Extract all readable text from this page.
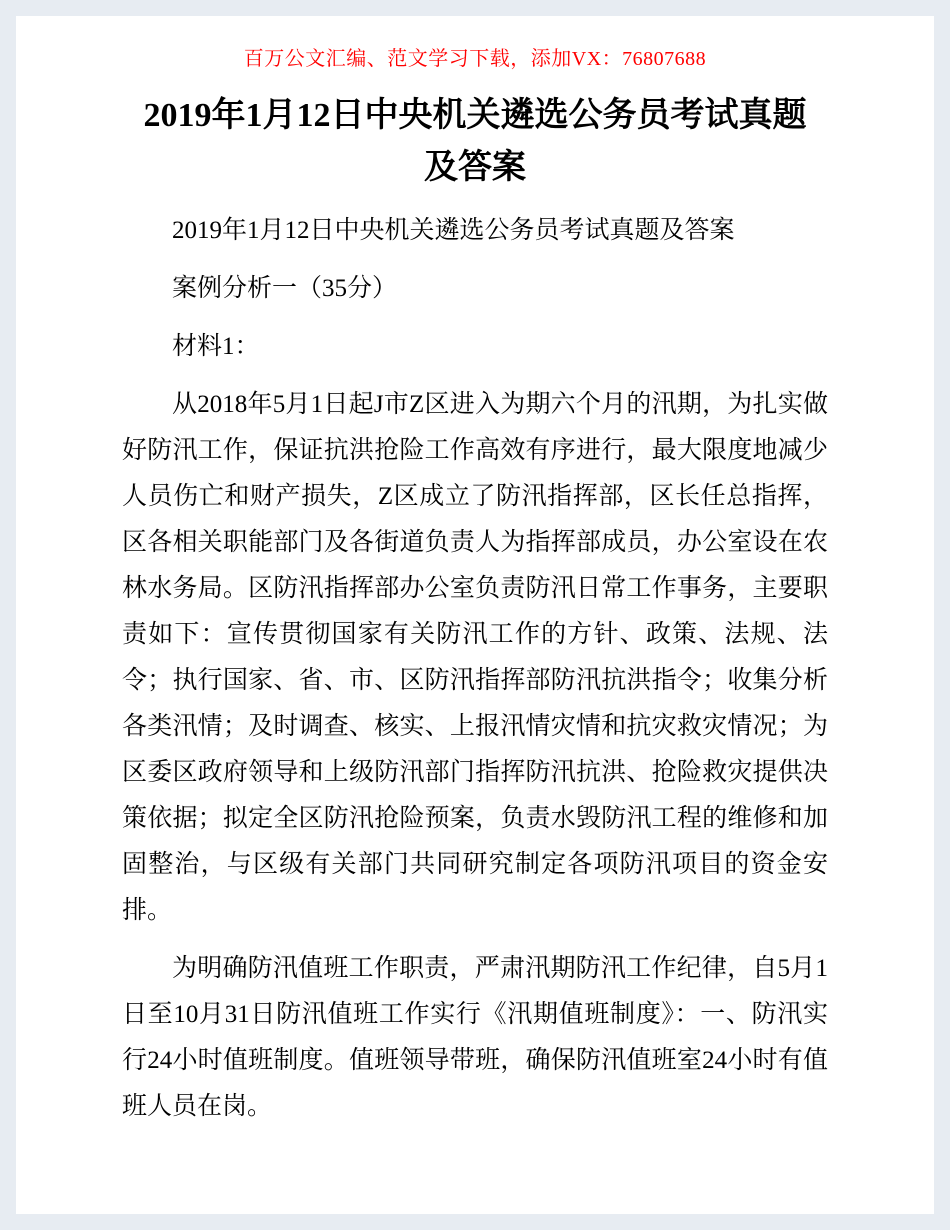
百万公文汇编、范文学习下载，添加VX：76807688
2019年1月12日中央机关遴选公务员考试真题及答案

2019年1月12日中央机关遴选公务员考试真题及答案

案例分析一（35分）

材料1：

从2018年5月1日起J市Z区进入为期六个月的汛期，为扎实做好防汛工作，保证抗洪抢险工作高效有序进行，最大限度地减少人员伤亡和财产损失，Z区成立了防汛指挥部，区长任总指挥，区各相关职能部门及各街道负责人为指挥部成员，办公室设在农林水务局。区防汛指挥部办公室负责防汛日常工作事务，主要职责如下：宣传贯彻国家有关防汛工作的方针、政策、法规、法令；执行国家、省、市、区防汛指挥部防汛抗洪指令；收集分析各类汛情；及时调查、核实、上报汛情灾情和抗灾救灾情况；为区委区政府领导和上级防汛部门指挥防汛抗洪、抢险救灾提供决策依据；拟定全区防汛抢险预案，负责水毁防汛工程的维修和加固整治，与区级有关部门共同研究制定各项防汛项目的资金安排。

为明确防汛值班工作职责，严肃汛期防汛工作纪律，自5月1日至10月31日防汛值班工作实行《汛期值班制度》：一、防汛实行24小时值班制度。值班领导带班，确保防汛值班室24小时有值班人员在岗。
